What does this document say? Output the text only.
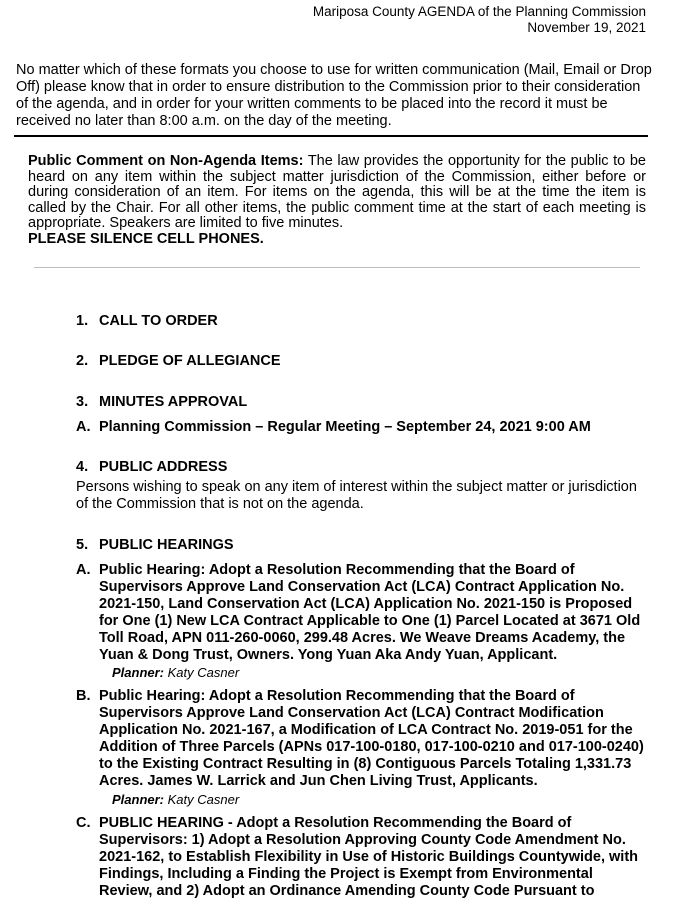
Mariposa County AGENDA of the Planning Commission
November 19, 2021
No matter which of these formats you choose to use for written communication (Mail, Email or Drop Off) please know that in order to ensure distribution to the Commission prior to their consideration of the agenda, and in order for your written comments to be placed into the record it must be received no later than 8:00 a.m. on the day of the meeting.
Public Comment on Non-Agenda Items: The law provides the opportunity for the public to be heard on any item within the subject matter jurisdiction of the Commission, either before or during consideration of an item. For items on the agenda, this will be at the time the item is called by the Chair. For all other items, the public comment time at the start of each meeting is appropriate. Speakers are limited to five minutes.
PLEASE SILENCE CELL PHONES.
1. CALL TO ORDER
2. PLEDGE OF ALLEGIANCE
3. MINUTES APPROVAL
A. Planning Commission – Regular Meeting – September 24, 2021 9:00 AM
4. PUBLIC ADDRESS
Persons wishing to speak on any item of interest within the subject matter or jurisdiction of the Commission that is not on the agenda.
5. PUBLIC HEARINGS
A. Public Hearing: Adopt a Resolution Recommending that the Board of Supervisors Approve Land Conservation Act (LCA) Contract Application No. 2021-150, Land Conservation Act (LCA) Application No. 2021-150 is Proposed for One (1) New LCA Contract Applicable to One (1) Parcel Located at 3671 Old Toll Road, APN 011-260-0060, 299.48 Acres. We Weave Dreams Academy, the Yuan & Dong Trust, Owners. Yong Yuan Aka Andy Yuan, Applicant.
Planner: Katy Casner
B. Public Hearing: Adopt a Resolution Recommending that the Board of Supervisors Approve Land Conservation Act (LCA) Contract Modification Application No. 2021-167, a Modification of LCA Contract No. 2019-051 for the Addition of Three Parcels (APNs 017-100-0180, 017-100-0210 and 017-100-0240) to the Existing Contract Resulting in (8) Contiguous Parcels Totaling 1,331.73 Acres. James W. Larrick and Jun Chen Living Trust, Applicants.
Planner: Katy Casner
C. PUBLIC HEARING - Adopt a Resolution Recommending the Board of Supervisors: 1) Adopt a Resolution Approving County Code Amendment No. 2021-162, to Establish Flexibility in Use of Historic Buildings Countywide, with Findings, Including a Finding the Project is Exempt from Environmental Review, and 2) Adopt an Ordinance Amending County Code Pursuant to
